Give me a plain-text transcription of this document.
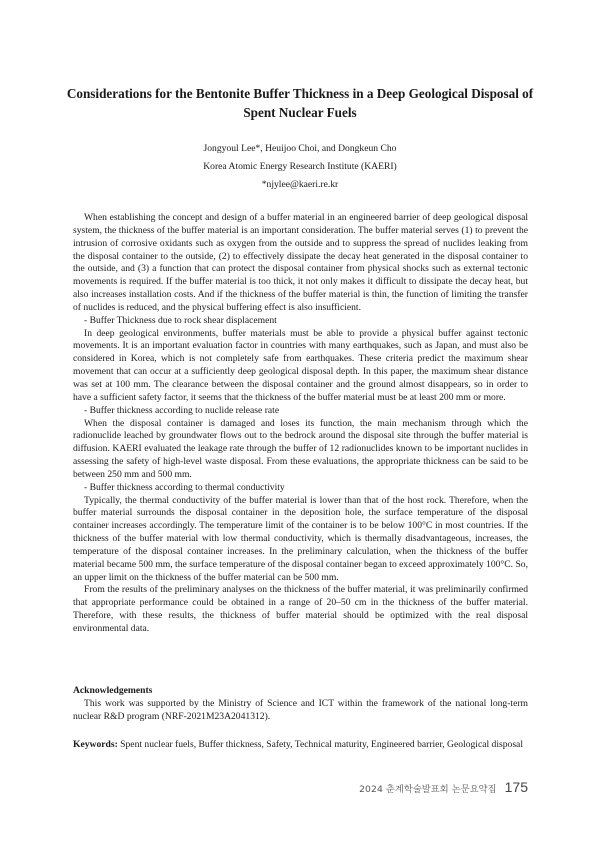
Considerations for the Bentonite Buffer Thickness in a Deep Geological Disposal of Spent Nuclear Fuels
Jongyoul Lee*, Heuijoo Choi, and Dongkeun Cho
Korea Atomic Energy Research Institute (KAERI)
*njylee@kaeri.re.kr

When establishing the concept and design of a buffer material in an engineered barrier of deep geological disposal system, the thickness of the buffer material is an important consideration. The buffer material serves (1) to prevent the intrusion of corrosive oxidants such as oxygen from the outside and to suppress the spread of nuclides leaking from the disposal container to the outside, (2) to effectively dissipate the decay heat generated in the disposal container to the outside, and (3) a function that can protect the disposal container from physical shocks such as external tectonic movements is required. If the buffer material is too thick, it not only makes it difficult to dissipate the decay heat, but also increases installation costs. And if the thickness of the buffer material is thin, the function of limiting the transfer of nuclides is reduced, and the physical buffering effect is also insufficient.

- Buffer Thickness due to rock shear displacement

In deep geological environments, buffer materials must be able to provide a physical buffer against tectonic movements. It is an important evaluation factor in countries with many earthquakes, such as Japan, and must also be considered in Korea, which is not completely safe from earthquakes. These criteria predict the maximum shear movement that can occur at a sufficiently deep geological disposal depth. In this paper, the maximum shear distance was set at 100 mm. The clearance between the disposal container and the ground almost disappears, so in order to have a sufficient safety factor, it seems that the thickness of the buffer material must be at least 200 mm or more.

- Buffer thickness according to nuclide release rate

When the disposal container is damaged and loses its function, the main mechanism through which the radionuclide leached by groundwater flows out to the bedrock around the disposal site through the buffer material is diffusion. KAERI evaluated the leakage rate through the buffer of 12 radionuclides known to be important nuclides in assessing the safety of high-level waste disposal. From these evaluations, the appropriate thickness can be said to be between 250 mm and 500 mm.

- Buffer thickness according to thermal conductivity

Typically, the thermal conductivity of the buffer material is lower than that of the host rock. Therefore, when the buffer material surrounds the disposal container in the deposition hole, the surface temperature of the disposal container increases accordingly. The temperature limit of the container is to be below 100°C in most countries. If the thickness of the buffer material with low thermal conductivity, which is thermally disadvantageous, increases, the temperature of the disposal container increases. In the preliminary calculation, when the thickness of the buffer material became 500 mm, the surface temperature of the disposal container began to exceed approximately 100°C. So, an upper limit on the thickness of the buffer material can be 500 mm.

From the results of the preliminary analyses on the thickness of the buffer material, it was preliminarily confirmed that appropriate performance could be obtained in a range of 20–50 cm in the thickness of the buffer material. Therefore, with these results, the thickness of buffer material should be optimized with the real disposal environmental data.

Acknowledgements

This work was supported by the Ministry of Science and ICT within the framework of the national long-term nuclear R&D program (NRF-2021M23A2041312).

Keywords: Spent nuclear fuels, Buffer thickness, Safety, Technical maturity, Engineered barrier, Geological disposal
2024 춘계학술발표회 논문요약집 175
